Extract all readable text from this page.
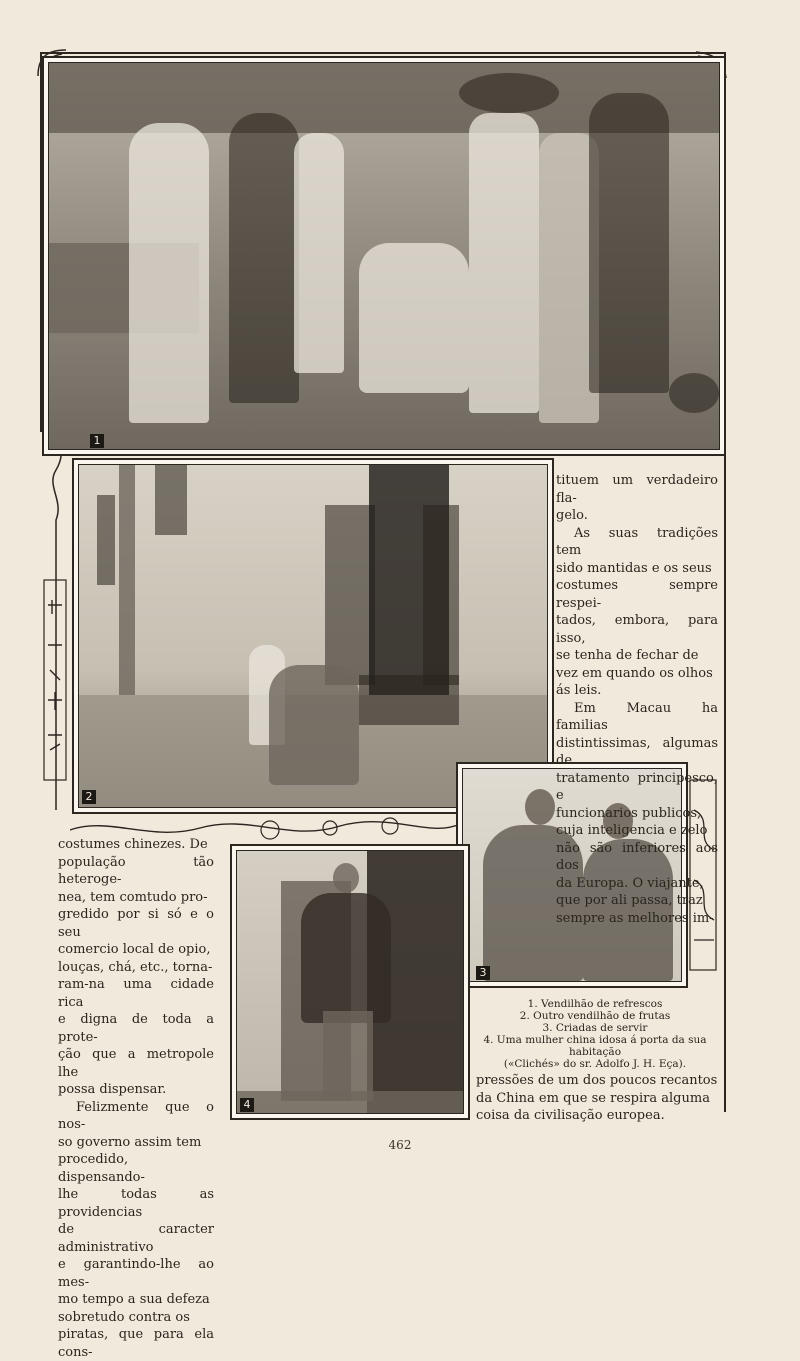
1
2
3
4

tituem um verdadeiro fla-

gelo.

As suas tradições tem

sido mantidas e os seus

costumes sempre respei-

tados, embora, para isso,

se tenha de fechar de

vez em quando os olhos

ás leis.

Em Macau ha familias

distintissimas, algumas de

tratamento principesco, e

funcionarios publicos,

cuja inteligencia e zelo

não são inferiores aos dos

da Europa. O viajante,

que por ali passa, traz

sempre as melhores im-

costumes chinezes. De

população tão heteroge-

nea, tem comtudo pro-

gredido por si só e o seu

comercio local de opio,

louças, chá, etc., torna-

ram-na uma cidade rica

e digna de toda a prote-

ção que a metropole lhe

possa dispensar.

Felizmente que o nos-

so governo assim tem

procedido, dispensando-

lhe todas as providencias

de caracter administrativo

e garantindo-lhe ao mes-

mo tempo a sua defeza

sobretudo contra os

piratas, que para ela cons-

1. Vendilhão de refrescos
2. Outro vendilhão de frutas
3. Criadas de servir
4. Uma mulher china idosa á porta da sua
habitação
(«Clichés» do sr. Adolfo J. H. Eça).

pressões de um dos poucos recantos

da China em que se respira alguma

coisa da civilisação europea.

462
